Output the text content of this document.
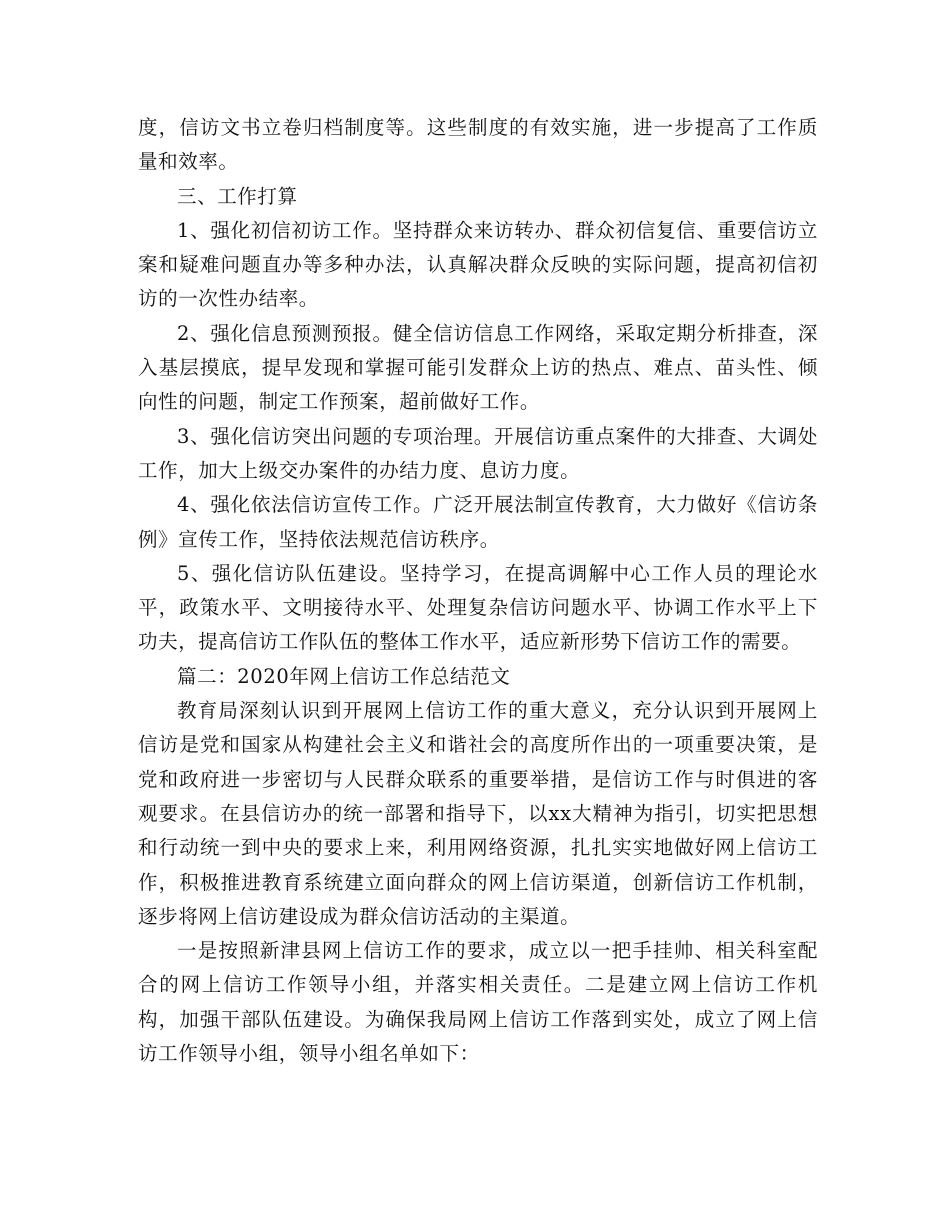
度，信访文书立卷归档制度等。这些制度的有效实施，进一步提高了工作质量和效率。

三、工作打算

1、强化初信初访工作。坚持群众来访转办、群众初信复信、重要信访立案和疑难问题直办等多种办法，认真解决群众反映的实际问题，提高初信初访的一次性办结率。

2、强化信息预测预报。健全信访信息工作网络，采取定期分析排查，深入基层摸底，提早发现和掌握可能引发群众上访的热点、难点、苗头性、倾向性的问题，制定工作预案，超前做好工作。

3、强化信访突出问题的专项治理。开展信访重点案件的大排查、大调处工作，加大上级交办案件的办结力度、息访力度。

4、强化依法信访宣传工作。广泛开展法制宣传教育，大力做好《信访条例》宣传工作，坚持依法规范信访秩序。

5、强化信访队伍建设。坚持学习，在提高调解中心工作人员的理论水平，政策水平、文明接待水平、处理复杂信访问题水平、协调工作水平上下功夫，提高信访工作队伍的整体工作水平，适应新形势下信访工作的需要。

篇二：2020年网上信访工作总结范文

教育局深刻认识到开展网上信访工作的重大意义，充分认识到开展网上信访是党和国家从构建社会主义和谐社会的高度所作出的一项重要决策，是党和政府进一步密切与人民群众联系的重要举措，是信访工作与时俱进的客观要求。在县信访办的统一部署和指导下，以xx大精神为指引，切实把思想和行动统一到中央的要求上来，利用网络资源，扎扎实实地做好网上信访工作，积极推进教育系统建立面向群众的网上信访渠道，创新信访工作机制，逐步将网上信访建设成为群众信访活动的主渠道。

一是按照新津县网上信访工作的要求，成立以一把手挂帅、相关科室配合的网上信访工作领导小组，并落实相关责任。二是建立网上信访工作机构，加强干部队伍建设。为确保我局网上信访工作落到实处，成立了网上信访工作领导小组，领导小组名单如下：
